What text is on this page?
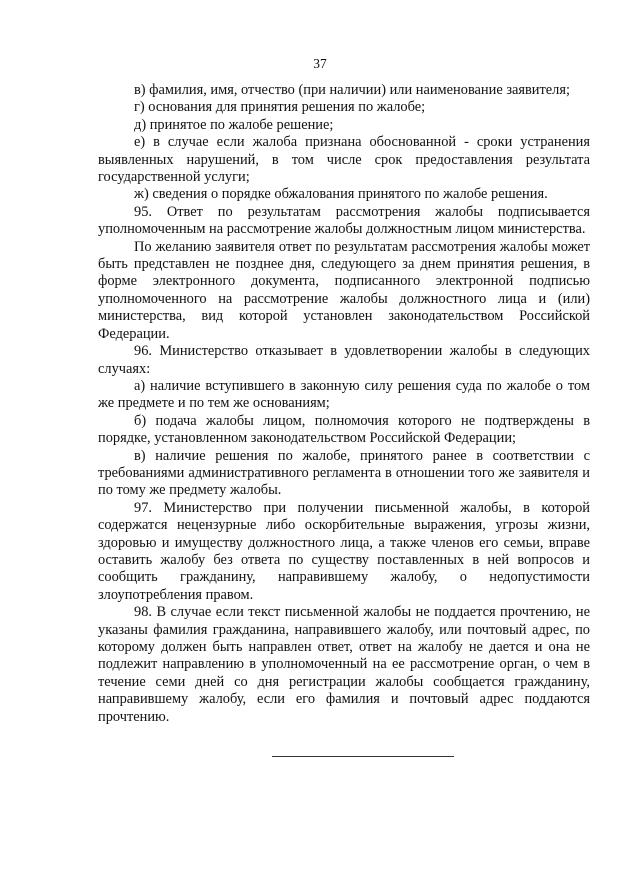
37

в) фамилия, имя, отчество (при наличии) или наименование заявителя;

г) основания для принятия решения по жалобе;

д) принятое по жалобе решение;

е) в случае если жалоба признана обоснованной - сроки устранения выявленных нарушений, в том числе срок предоставления результата государственной услуги;

ж) сведения о порядке обжалования принятого по жалобе решения.

95. Ответ по результатам рассмотрения жалобы подписывается уполномоченным на рассмотрение жалобы должностным лицом министерства.

По желанию заявителя ответ по результатам рассмотрения жалобы может быть представлен не позднее дня, следующего за днем принятия решения, в форме электронного документа, подписанного электронной подписью уполномоченного на рассмотрение жалобы должностного лица и (или) министерства, вид которой установлен законодательством Российской Федерации.

96. Министерство отказывает в удовлетворении жалобы в следующих случаях:

а) наличие вступившего в законную силу решения суда по жалобе о том же предмете и по тем же основаниям;

б) подача жалобы лицом, полномочия которого не подтверждены в порядке, установленном законодательством Российской Федерации;

в) наличие решения по жалобе, принятого ранее в соответствии с требованиями административного регламента в отношении того же заявителя и по тому же предмету жалобы.

97. Министерство при получении письменной жалобы, в которой содержатся нецензурные либо оскорбительные выражения, угрозы жизни, здоровью и имуществу должностного лица, а также членов его семьи, вправе оставить жалобу без ответа по существу поставленных в ней вопросов и сообщить гражданину, направившему жалобу, о недопустимости злоупотребления правом.

98. В случае если текст письменной жалобы не поддается прочтению, не указаны фамилия гражданина, направившего жалобу, или почтовый адрес, по которому должен быть направлен ответ, ответ на жалобу не дается и она не подлежит направлению в уполномоченный на ее рассмотрение орган, о чем в течение семи дней со дня регистрации жалобы сообщается гражданину, направившему жалобу, если его фамилия и почтовый адрес поддаются прочтению.
